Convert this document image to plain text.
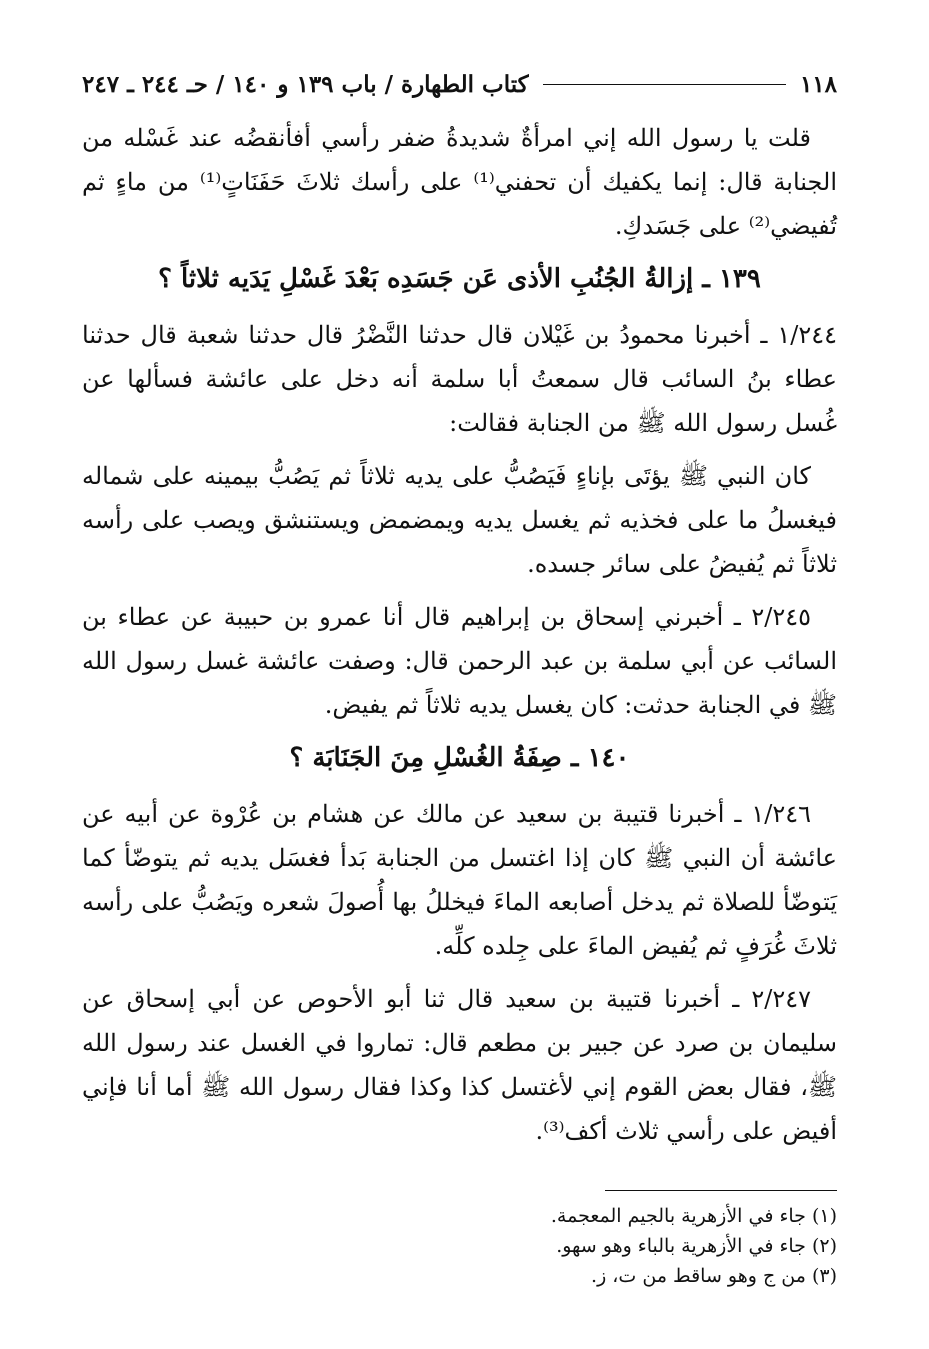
١١٨
كتاب الطهارة / باب ١٣٩ و ١٤٠ / حـ ٢٤٤ ـ ٢٤٧
قلت يا رسول الله إني امرأةٌ شديدةُ ضفر رأسي أفأنقضُه عند غَسْله من الجنابة قال: إنما يكفيك أن تحفني⁽¹⁾ على رأسك ثلاثَ حَفَنَاتٍ⁽¹⁾ من ماءٍ ثم تُفيضي⁽²⁾ على جَسَدكِ.
١٣٩ ـ إزالةُ الجُنُبِ الأذى عَن جَسَدِه بَعْدَ غَسْلِ يَدَيه ثلاثاً ؟
١/٢٤٤ ـ أخبرنا محمودُ بن غَيْلان قال حدثنا النَّضْرُ قال حدثنا شعبة قال حدثنا عطاء بنُ السائب قال سمعتُ أبا سلمة أنه دخل على عائشة فسألها عن غُسل رسول الله ﷺ من الجنابة فقالت:
كان النبي ﷺ يؤتَى بإناءٍ فَيَصُبُّ على يديه ثلاثاً ثم يَصُبُّ بيمينه على شماله فيغسلُ ما على فخذيه ثم يغسل يديه ويمضمض ويستنشق ويصب على رأسه ثلاثاً ثم يُفيضُ على سائر جسده.
٢/٢٤٥ ـ أخبرني إسحاق بن إبراهيم قال أنا عمرو بن حبيبة عن عطاء بن السائب عن أبي سلمة بن عبد الرحمن قال: وصفت عائشة غسل رسول الله ﷺ في الجنابة حدثت: كان يغسل يديه ثلاثاً ثم يفيض.
١٤٠ ـ صِفَةُ الغُسْلِ مِنَ الجَنَابَة ؟
١/٢٤٦ ـ أخبرنا قتيبة بن سعيد عن مالك عن هشام بن عُرْوة عن أبيه عن عائشة أن النبي ﷺ كان إذا اغتسل من الجنابة بَدأ فغسَل يديه ثم يتوضّأ كما يَتوضّأ للصلاة ثم يدخل أصابعه الماءَ فيخللُ بها أُصولَ شعره ويَصُبُّ على رأسه ثلاثَ غُرَفٍ ثم يُفيض الماءَ على جِلده كلِّه.
٢/٢٤٧ ـ أخبرنا قتيبة بن سعيد قال ثنا أبو الأحوص عن أبي إسحاق عن سليمان بن صرد عن جبير بن مطعم قال: تماروا في الغسل عند رسول الله ﷺ، فقال بعض القوم إني لأغتسل كذا وكذا فقال رسول الله ﷺ أما أنا فإني أفيض على رأسي ثلاث أكف⁽³⁾.
(١) جاء في الأزهرية بالجيم المعجمة.
(٢) جاء في الأزهرية بالباء وهو سهو.
(٣) من ج وهو ساقط من ت، ز.
